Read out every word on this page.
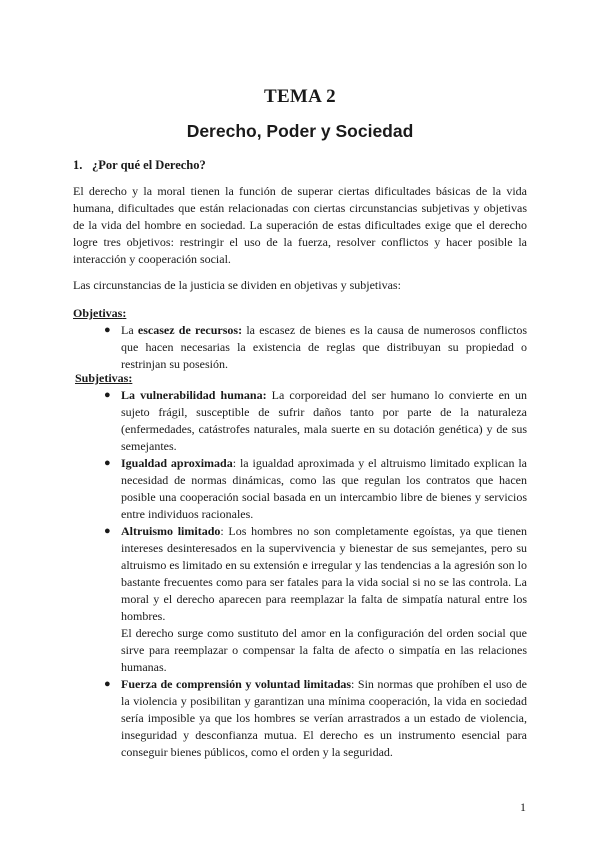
TEMA 2
Derecho, Poder y Sociedad
1. ¿Por qué el Derecho?
El derecho y la moral tienen la función de superar ciertas dificultades básicas de la vida humana, dificultades que están relacionadas con ciertas circunstancias subjetivas y objetivas de la vida del hombre en sociedad. La superación de estas dificultades exige que el derecho logre tres objetivos: restringir el uso de la fuerza, resolver conflictos y hacer posible la interacción y cooperación social.
Las circunstancias de la justicia se dividen en objetivas y subjetivas:
Objetivas:
● La escasez de recursos: la escasez de bienes es la causa de numerosos conflictos que hacen necesarias la existencia de reglas que distribuyan su propiedad o restrinjan su posesión.
Subjetivas:
● La vulnerabilidad humana: La corporeidad del ser humano lo convierte en un sujeto frágil, susceptible de sufrir daños tanto por parte de la naturaleza (enfermedades, catástrofes naturales, mala suerte en su dotación genética) y de sus semejantes.
● Igualdad aproximada: la igualdad aproximada y el altruismo limitado explican la necesidad de normas dinámicas, como las que regulan los contratos que hacen posible una cooperación social basada en un intercambio libre de bienes y servicios entre individuos racionales.
● Altruismo limitado: Los hombres no son completamente egoístas, ya que tienen intereses desinteresados en la supervivencia y bienestar de sus semejantes, pero su altruismo es limitado en su extensión e irregular y las tendencias a la agresión son lo bastante frecuentes como para ser fatales para la vida social si no se las controla. La moral y el derecho aparecen para reemplazar la falta de simpatía natural entre los hombres.
El derecho surge como sustituto del amor en la configuración del orden social que sirve para reemplazar o compensar la falta de afecto o simpatía en las relaciones humanas.
● Fuerza de comprensión y voluntad limitadas: Sin normas que prohíben el uso de la violencia y posibilitan y garantizan una mínima cooperación, la vida en sociedad sería imposible ya que los hombres se verían arrastrados a un estado de violencia, inseguridad y desconfianza mutua. El derecho es un instrumento esencial para conseguir bienes públicos, como el orden y la seguridad.
1
